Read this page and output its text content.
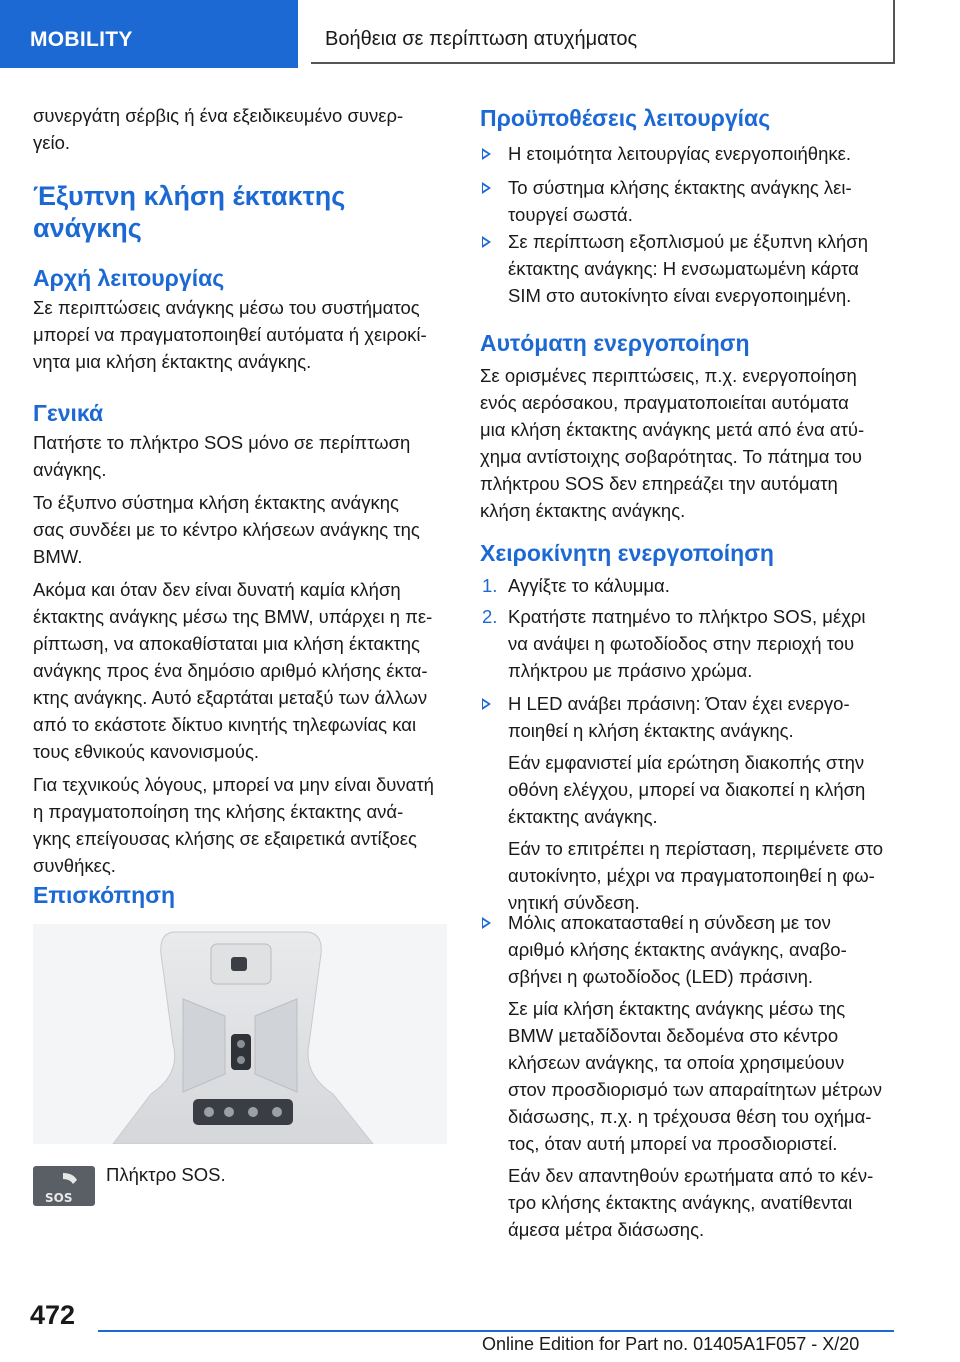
MOBILITY	Βοήθεια σε περίπτωση ατυχήματος
συνεργάτη σέρβις ή ένα εξειδικευμένο συνερ-
γείο.
Έξυπνη κλήση έκτακτης
ανάγκης
Αρχή λειτουργίας
Σε περιπτώσεις ανάγκης μέσω του συστήματος
μπορεί να πραγματοποιηθεί αυτόματα ή χειροκί-
νητα μια κλήση έκτακτης ανάγκης.
Γενικά
Πατήστε το πλήκτρο SOS μόνο σε περίπτωση
ανάγκης.
Το έξυπνο σύστημα κλήση έκτακτης ανάγκης
σας συνδέει με το κέντρο κλήσεων ανάγκης της
BMW.
Ακόμα και όταν δεν είναι δυνατή καμία κλήση
έκτακτης ανάγκης μέσω της BMW, υπάρχει η πε-
ρίπτωση, να αποκαθίσταται μια κλήση έκτακτης
ανάγκης προς ένα δημόσιο αριθμό κλήσης έκτα-
κτης ανάγκης. Αυτό εξαρτάται μεταξύ των άλλων
από το εκάστοτε δίκτυο κινητής τηλεφωνίας και
τους εθνικούς κανονισμούς.
Για τεχνικούς λόγους, μπορεί να μην είναι δυνατή
η πραγματοποίηση της κλήσης έκτακτης ανά-
γκης επείγουσας κλήσης σε εξαιρετικά αντίξοες
συνθήκες.
Επισκόπηση
SOS
Πλήκτρο SOS.
Προϋποθέσεις λειτουργίας
Η ετοιμότητα λειτουργίας ενεργοποιήθηκε.
Το σύστημα κλήσης έκτακτης ανάγκης λει-
τουργεί σωστά.
Σε περίπτωση εξοπλισμού με έξυπνη κλήση
έκτακτης ανάγκης: Η ενσωματωμένη κάρτα
SIM στο αυτοκίνητο είναι ενεργοποιημένη.
Αυτόματη ενεργοποίηση
Σε ορισμένες περιπτώσεις, π.χ. ενεργοποίηση
ενός αερόσακου, πραγματοποιείται αυτόματα
μια κλήση έκτακτης ανάγκης μετά από ένα ατύ-
χημα αντίστοιχης σοβαρότητας. Το πάτημα του
πλήκτρου SOS δεν επηρεάζει την αυτόματη
κλήση έκτακτης ανάγκης.
Χειροκίνητη ενεργοποίηση
1. Αγγίξτε το κάλυμμα.
2. Κρατήστε πατημένο το πλήκτρο SOS, μέχρι
να ανάψει η φωτοδίοδος στην περιοχή του
πλήκτρου με πράσινο χρώμα.
Η LED ανάβει πράσινη: Όταν έχει ενεργο-
ποιηθεί η κλήση έκτακτης ανάγκης.
Εάν εμφανιστεί μία ερώτηση διακοπής στην
οθόνη ελέγχου, μπορεί να διακοπεί η κλήση
έκτακτης ανάγκης.
Εάν το επιτρέπει η περίσταση, περιμένετε στο
αυτοκίνητο, μέχρι να πραγματοποιηθεί η φω-
νητική σύνδεση.
Μόλις αποκατασταθεί η σύνδεση με τον
αριθμό κλήσης έκτακτης ανάγκης, αναβο-
σβήνει η φωτοδίοδος (LED) πράσινη.
Σε μία κλήση έκτακτης ανάγκης μέσω της
BMW μεταδίδονται δεδομένα στο κέντρο
κλήσεων ανάγκης, τα οποία χρησιμεύουν
στον προσδιορισμό των απαραίτητων μέτρων
διάσωσης, π.χ. η τρέχουσα θέση του οχήμα-
τος, όταν αυτή μπορεί να προσδιοριστεί.
Εάν δεν απαντηθούν ερωτήματα από το κέν-
τρο κλήσης έκτακτης ανάγκης, ανατίθενται
άμεσα μέτρα διάσωσης.
472
Online Edition for Part no. 01405A1F057 - X/20
